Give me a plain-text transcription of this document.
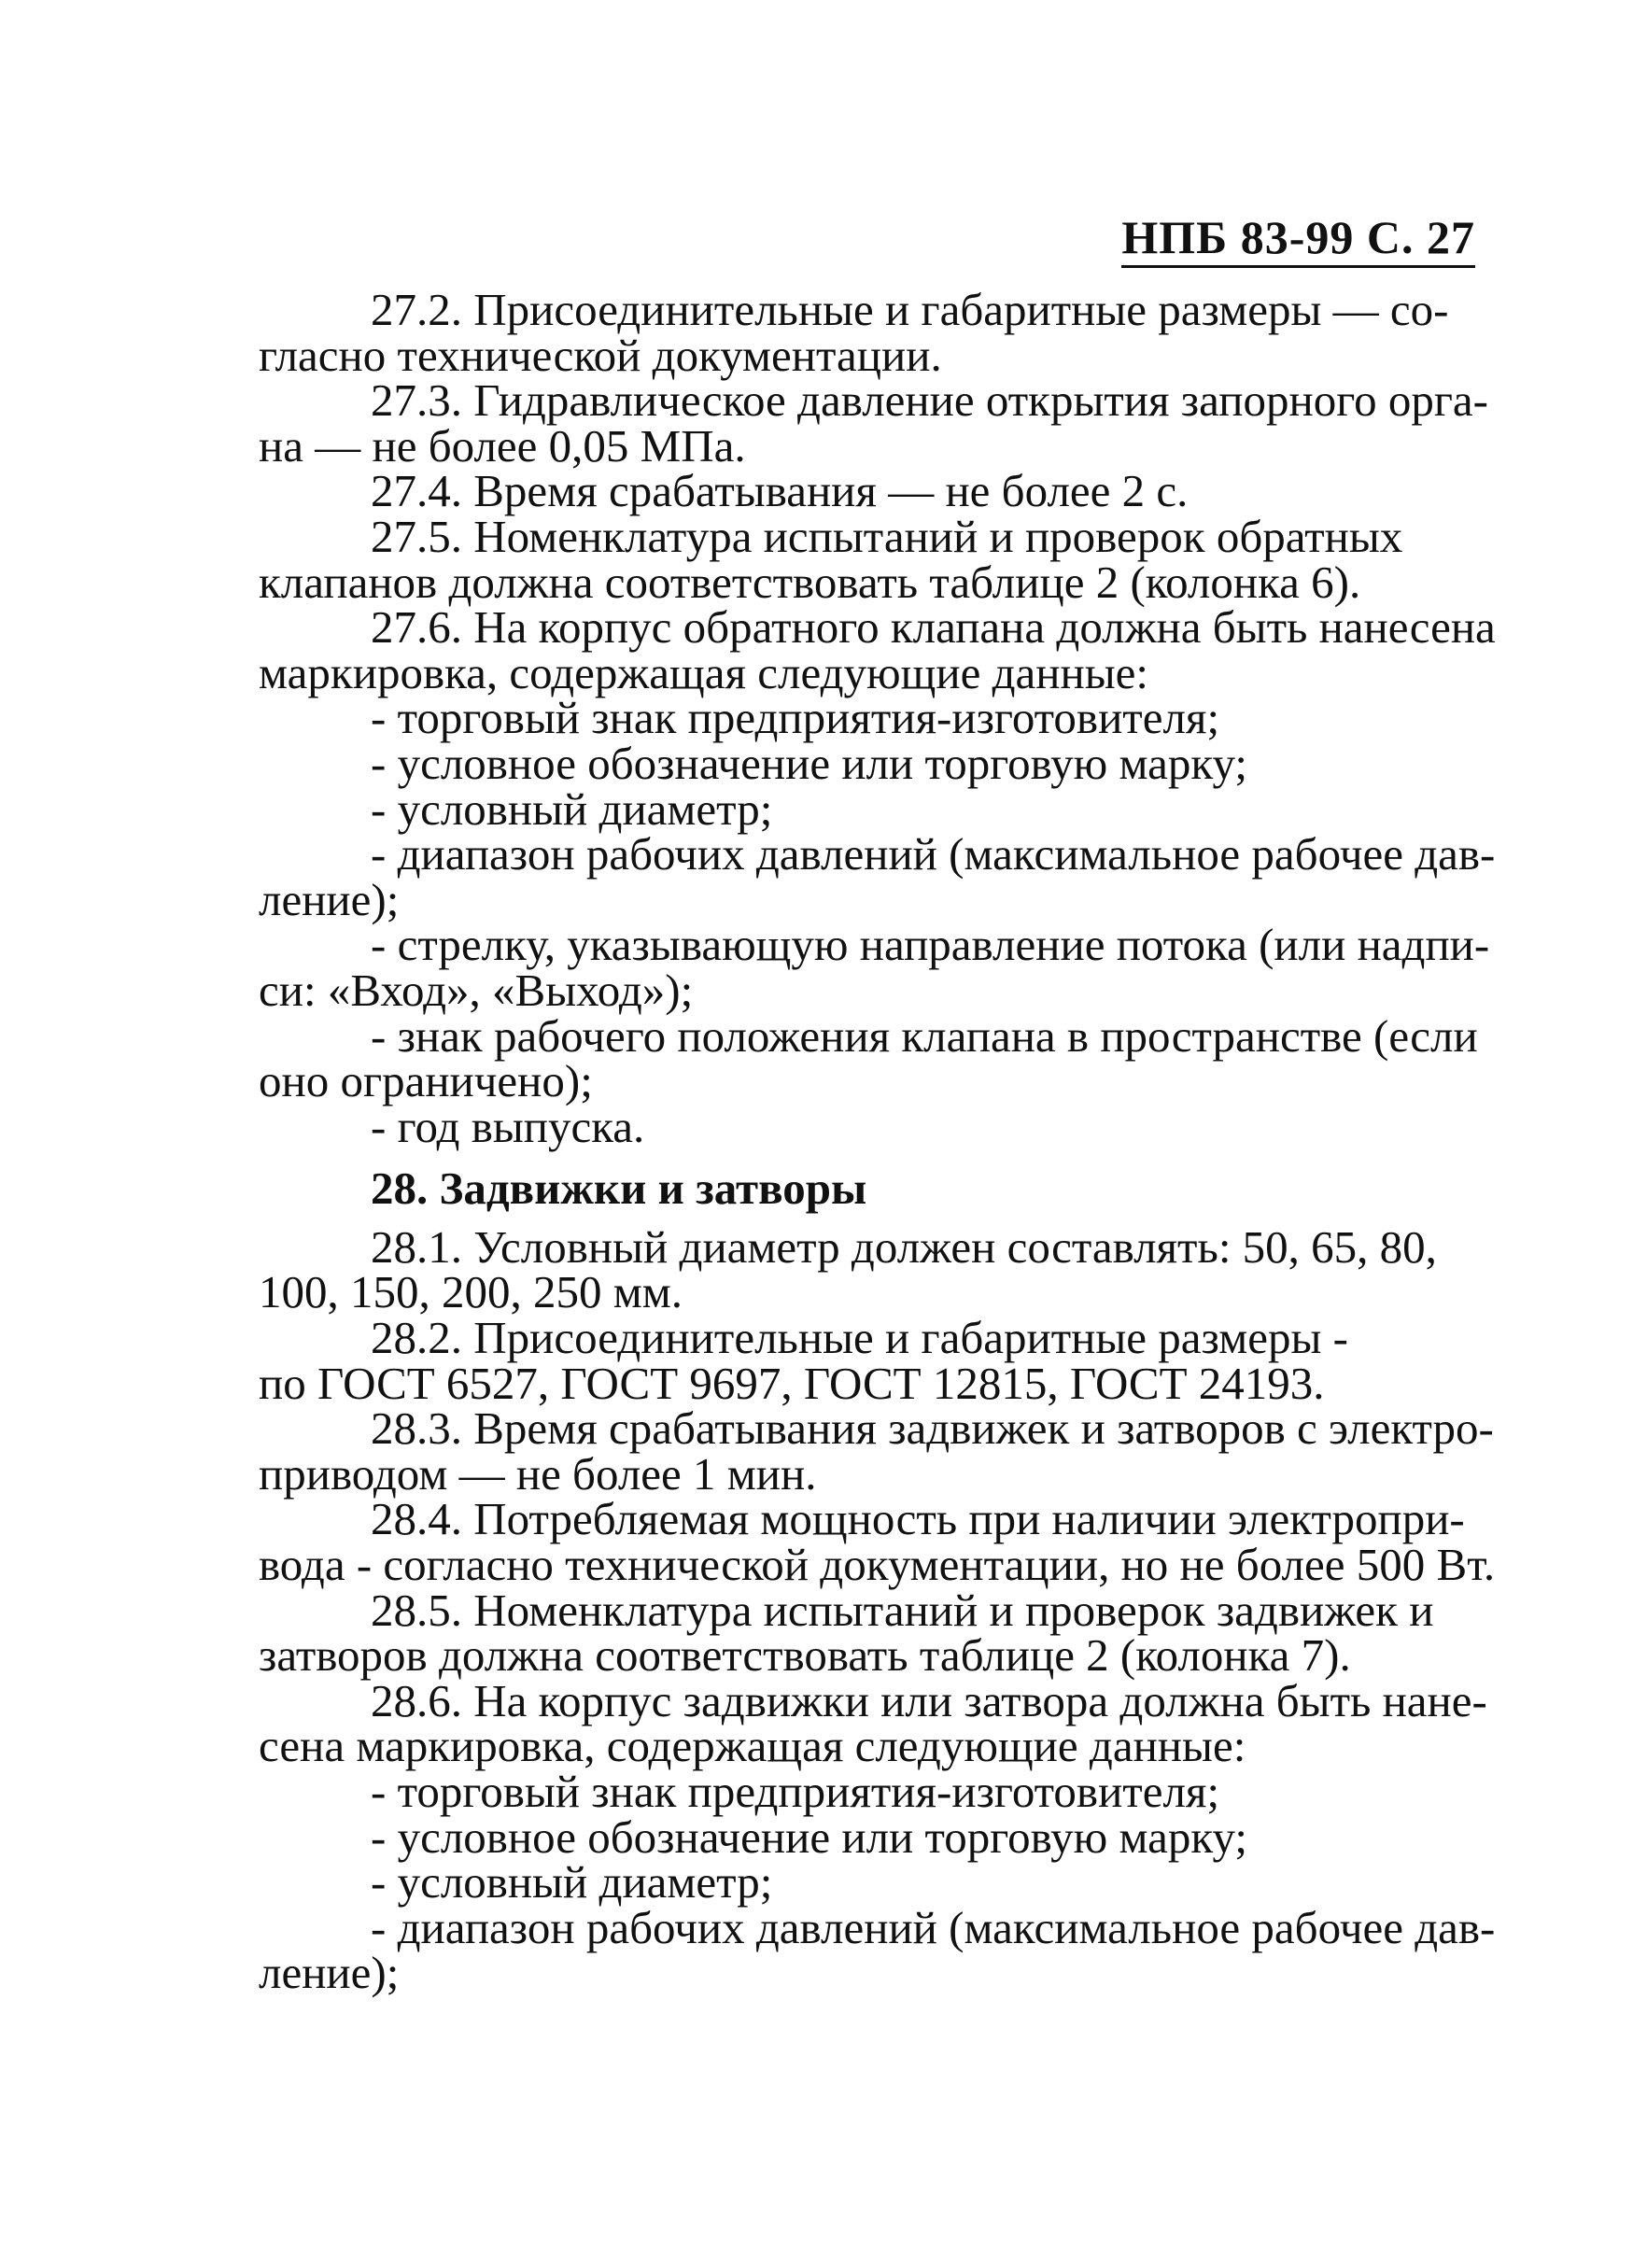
НПБ 83-99 С. 27
27.2. Присоединительные и габаритные размеры — со-
гласно технической документации.
27.3. Гидравлическое давление открытия запорного орга-
на — не более 0,05 МПа.
27.4. Время срабатывания — не более 2 с.
27.5. Номенклатура испытаний и проверок обратных
клапанов должна соответствовать таблице 2 (колонка 6).
27.6. На корпус обратного клапана должна быть нанесена
маркировка, содержащая следующие данные:
- торговый знак предприятия-изготовителя;
- условное обозначение или торговую марку;
- условный диаметр;
- диапазон рабочих давлений (максимальное рабочее дав-
ление);
- стрелку, указывающую направление потока (или надпи-
си: «Вход», «Выход»);
- знак рабочего положения клапана в пространстве (если
оно ограничено);
- год выпуска.
28. Задвижки и затворы
28.1. Условный диаметр должен составлять: 50, 65, 80,
100, 150, 200, 250 мм.
28.2. Присоединительные и габаритные размеры -
по ГОСТ 6527, ГОСТ 9697, ГОСТ 12815, ГОСТ 24193.
28.3. Время срабатывания задвижек и затворов с электро-
приводом — не более 1 мин.
28.4. Потребляемая мощность при наличии электропри-
вода - согласно технической документации, но не более 500 Вт.
28.5. Номенклатура испытаний и проверок задвижек и
затворов должна соответствовать таблице 2 (колонка 7).
28.6. На корпус задвижки или затвора должна быть нане-
сена маркировка, содержащая следующие данные:
- торговый знак предприятия-изготовителя;
- условное обозначение или торговую марку;
- условный диаметр;
- диапазон рабочих давлений (максимальное рабочее дав-
ление);
